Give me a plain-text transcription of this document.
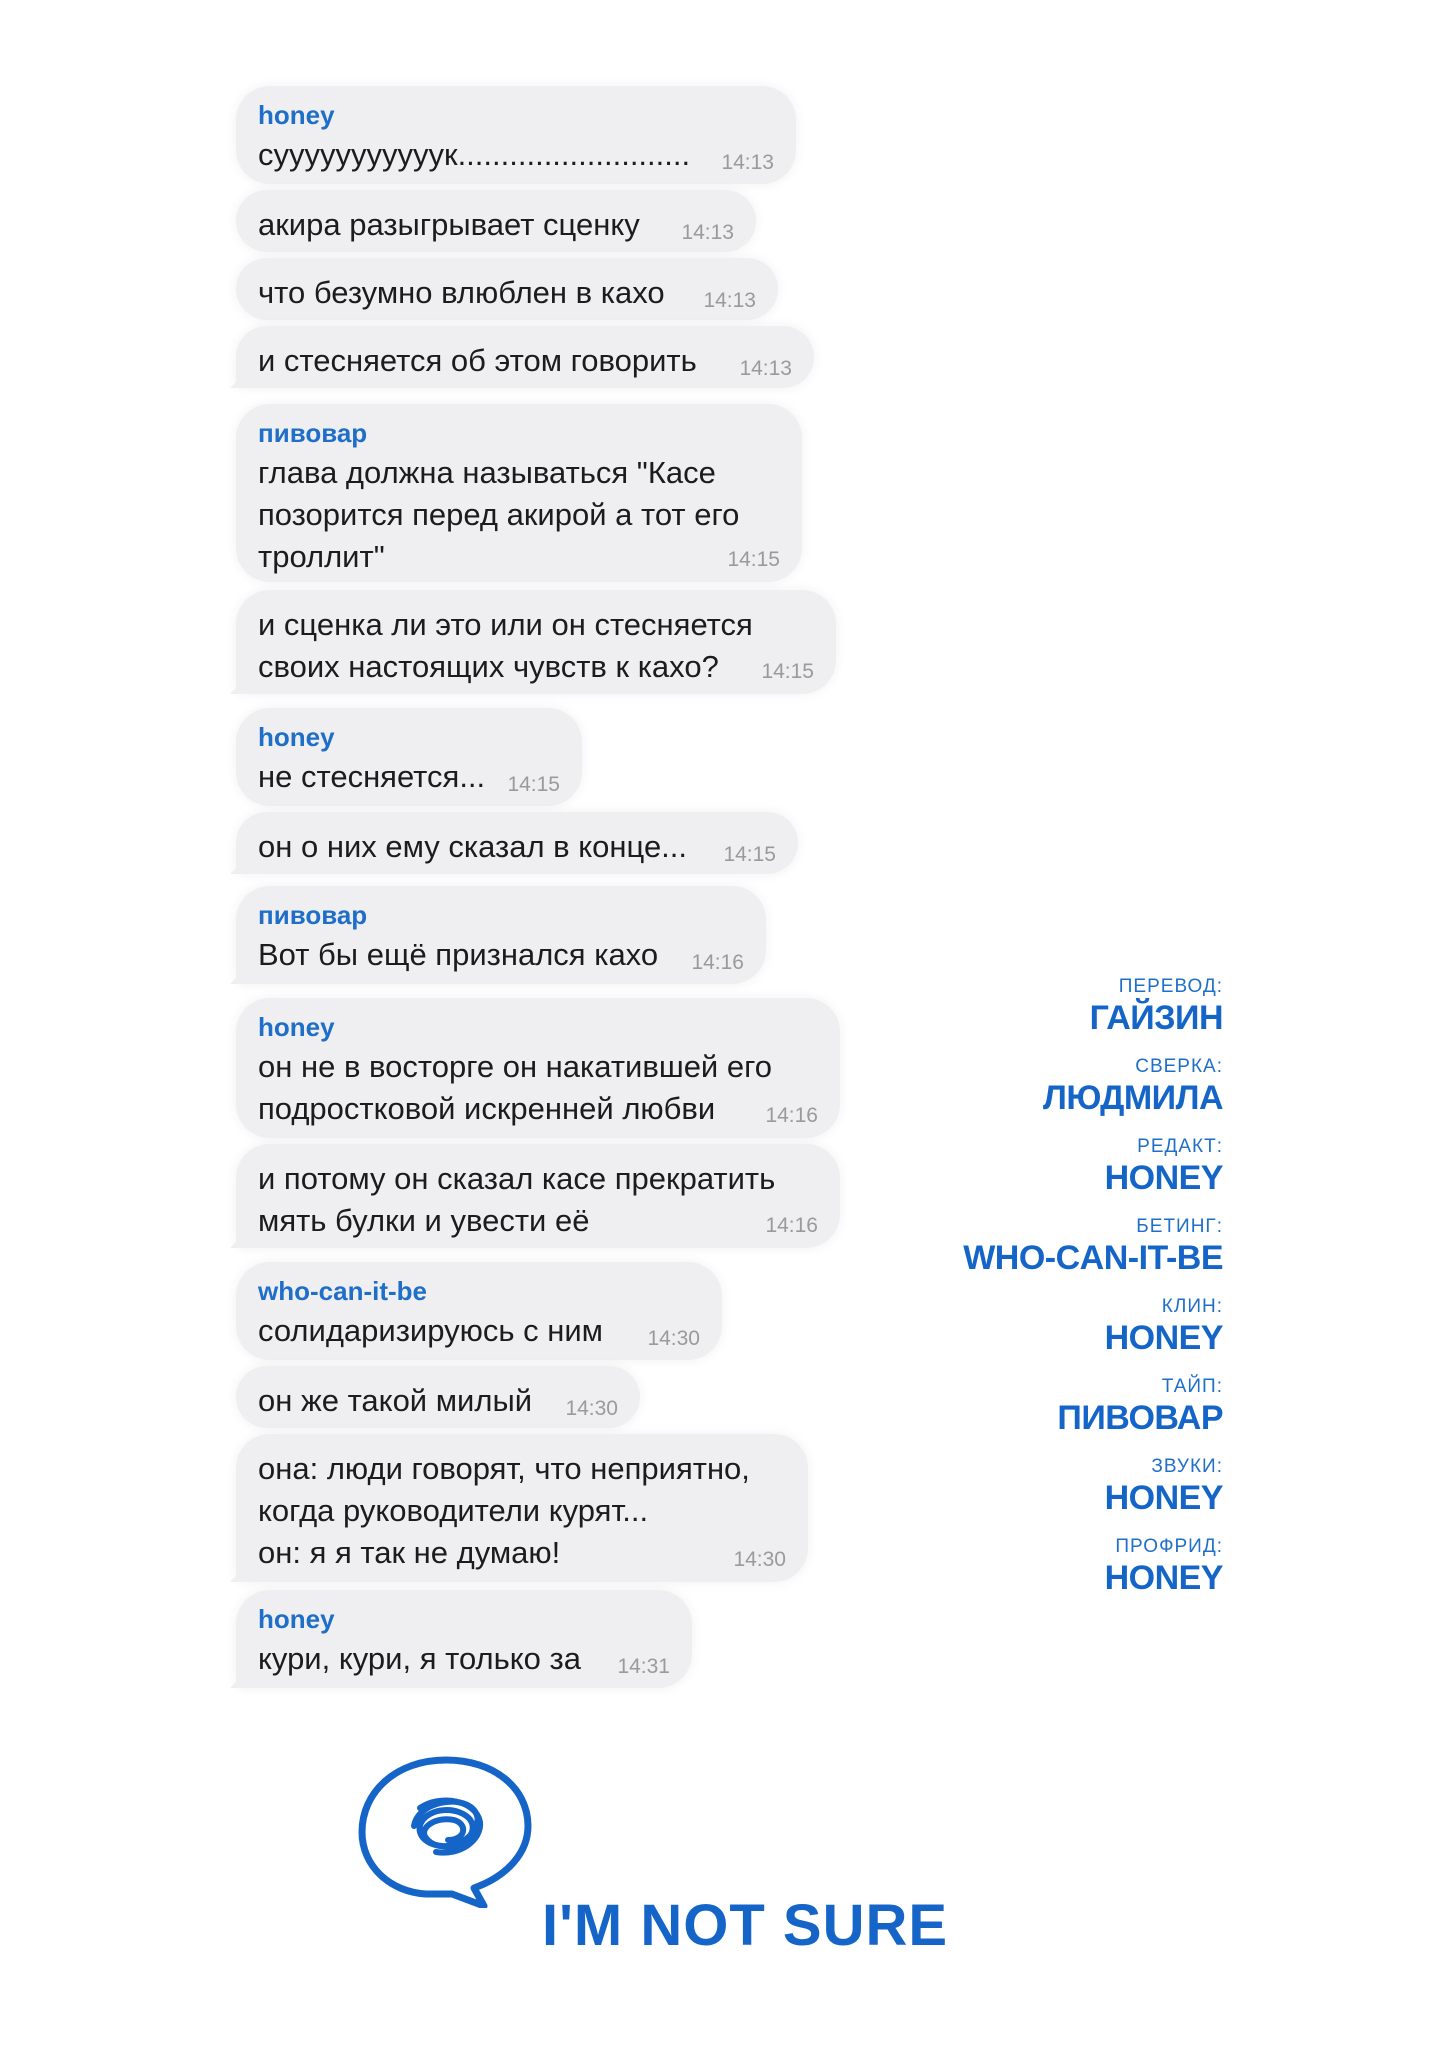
honey
14:13
сууууууууууук...........................
14:13
акира разыгрывает сценку
14:13
что безумно влюблен в кахо
14:13
и стесняется об этом говорить
пивовар
глава должна называться "Касе
позорится перед акирой а тот его
троллит"	14:15
и сценка ли это или он стесняется
своих настоящих чувств к кахо?	14:15
honey
14:15
не стесняется...
14:15
он о них ему сказал в конце...
пивовар
14:16
Вот бы ещё признался кахо
honey
он не в восторге он накатившей его
подростковой искренней любви	14:16
и потому он сказал касе прекратить
мять булки и увести её	14:16
who-can-it-be
14:30
солидаризируюсь с ним
14:30
он же такой милый
она: люди говорят, что неприятно,
когда руководители курят...
он: я я так не думаю!	14:30
honey
14:31
кури, кури, я только за
ПЕРЕВОД:
ГАЙЗИН
СВЕРКА:
ЛЮДМИЛА
РЕДАКТ:
HONEY
БЕТИНГ:
WHO-CAN-IT-BE
КЛИН:
HONEY
ТАЙП:
ПИВОВАР
ЗВУКИ:
HONEY
ПРОФРИД:
HONEY
I'M NOT SURE
